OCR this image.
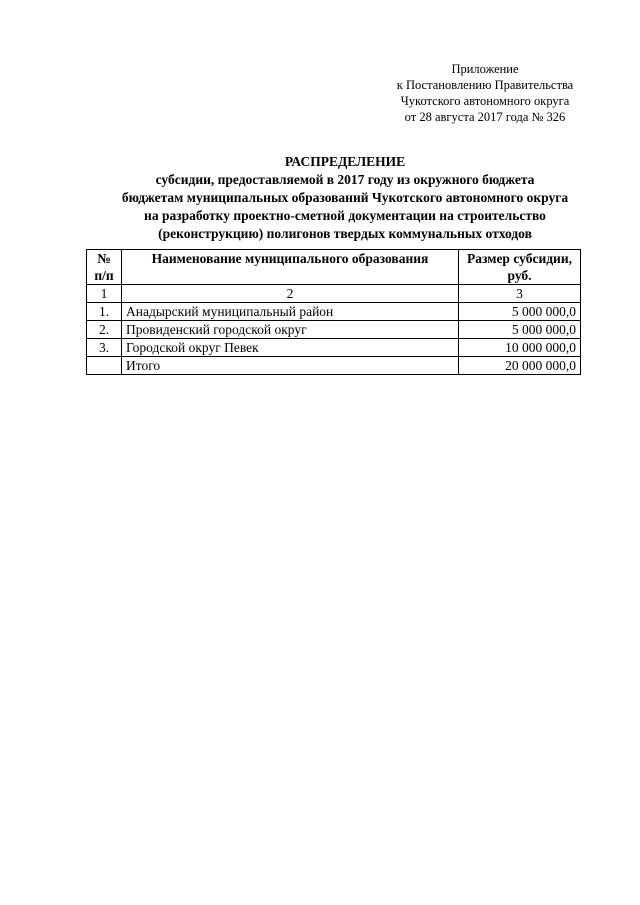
Приложение
к Постановлению Правительства
Чукотского автономного округа
от 28 августа 2017 года № 326
РАСПРЕДЕЛЕНИЕ
субсидии, предоставляемой в 2017 году из окружного бюджета
бюджетам муниципальных образований Чукотского автономного округа
на разработку проектно-сметной документации на строительство
(реконструкцию) полигонов твердых коммунальных отходов
№ п/п	Наименование муниципального образования	Размер субсидии, руб.
1	2	3
1.	Анадырский муниципальный район	5 000 000,0
2.	Провиденский городской округ	5 000 000,0
3.	Городской округ Певек	10 000 000,0
	Итого	20 000 000,0
